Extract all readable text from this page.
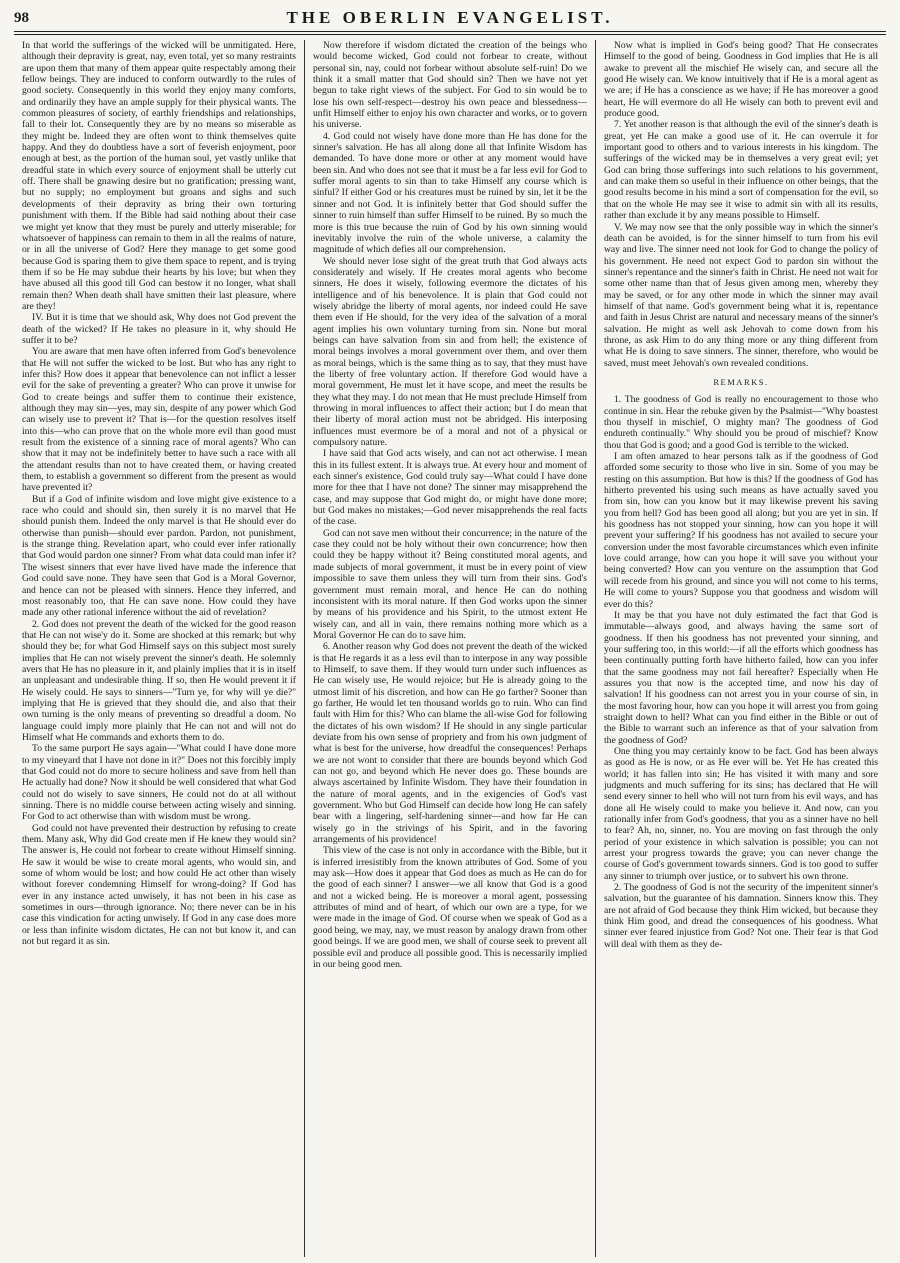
98	THE OBERLIN EVANGELIST.

In that world the sufferings of the wicked will be unmitigated. Here, although their depravity is great, nay, even total, yet so many restraints are upon them that many of them appear quite respectably among their fellow beings. They are induced to conform outwardly to the rules of good society. Consequently in this world they enjoy many comforts, and ordinarily they have an ample supply for their physical wants. The common pleasures of society, of earthly friendships and relationships, fall to their lot. Consequently they are by no means so miserable as they might be. Indeed they are often wont to think themselves quite happy. And they do doubtless have a sort of feverish enjoyment, poor enough at best, as the portion of the human soul, yet vastly unlike that dreadful state in which every source of enjoyment shall be utterly cut off. There shall be gnawing desire but no gratification; pressing want, but no supply; no employment but groans and sighs and such developments of their depravity as bring their own torturing punishment with them. If the Bible had said nothing about their case we might yet know that they must be purely and utterly miserable; for whatsoever of happiness can remain to them in all the realms of nature, or in all the universe of God? Here they manage to get some good because God is sparing them to give them space to repent, and is trying them if so be He may subdue their hearts by his love; but when they have abused all this good till God can bestow it no longer, what shall remain then? When death shall have smitten their last pleasure, where are they!

IV. But it is time that we should ask, Why does not God prevent the death of the wicked? If He takes no pleasure in it, why should He suffer it to be?

You are aware that men have often inferred from God's benevolence that He will not suffer the wicked to be lost. But who has any right to infer this? How does it appear that benevolence can not inflict a lesser evil for the sake of preventing a greater? Who can prove it unwise for God to create beings and suffer them to continue their existence, although they may sin—yes, may sin, despite of any power which God can wisely use to prevent it? That is—for the question resolves itself into this—who can prove that on the whole more evil than good must result from the existence of a sinning race of moral agents? Who can show that it may not be indefinitely better to have such a race with all the attendant results than not to have created them, or having created them, to establish a government so different from the present as would have prevented it?

But if a God of infinite wisdom and love might give existence to a race who could and should sin, then surely it is no marvel that He should punish them. Indeed the only marvel is that He should ever do otherwise than punish—should ever pardon. Pardon, not punishment, is the strange thing. Revelation apart, who could ever infer rationally that God would pardon one sinner? From what data could man infer it? The wisest sinners that ever have lived have made the inference that God could save none. They have seen that God is a Moral Governor, and hence can not be pleased with sinners. Hence they inferred, and most reasonably too, that He can save none. How could they have made any other rational inference without the aid of revelation?

2. God does not prevent the death of the wicked for the good reason that He can not wise'y do it. Some are shocked at this remark; but why should they be; for what God Himself says on this subject most surely implies that He can not wisely prevent the sinner's death. He solemnly avers that He has no pleasure in it, and plainly implies that it is in itself an unpleasant and undesirable thing. If so, then He would prevent it if He wisely could. He says to sinners—"Turn ye, for why will ye die?" implying that He is grieved that they should die, and also that their own turning is the only means of preventing so dreadful a doom. No language could imply more plainly that He can not and will not do Himself what He commands and exhorts them to do.

To the same purport He says again—"What could I have done more to my vineyard that I have not done in it?" Does not this forcibly imply that God could not do more to secure holiness and save from hell than He actually had done? Now it should be well considered that what God could not do wisely to save sinners, He could not do at all without sinning. There is no middle course between acting wisely and sinning. For God to act otherwise than with wisdom must be wrong.

God could not have prevented their destruction by refusing to create them. Many ask, Why did God create men if He knew they would sin? The answer is, He could not forbear to create without Himself sinning. He saw it would be wise to create moral agents, who would sin, and some of whom would be lost; and how could He act other than wisely without forever condemning Himself for wrong-doing? If God has ever in any instance acted unwisely, it has not been in his case as sometimes in ours—through ignorance. No; there never can be in his case this vindication for acting unwisely. If God in any case does more or less than infinite wisdom dictates, He can not but know it, and can not but regard it as sin.

Now therefore if wisdom dictated the creation of the beings who would become wicked, God could not forbear to create, without personal sin, nay, could not forbear without absolute self-ruin! Do we think it a small matter that God should sin? Then we have not yet begun to take right views of the subject. For God to sin would be to lose his own self-respect—destroy his own peace and blessedness—unfit Himself either to enjoy his own character and works, or to govern his universe.

4. God could not wisely have done more than He has done for the sinner's salvation. He has all along done all that Infinite Wisdom has demanded. To have done more or other at any moment would have been sin. And who does not see that it must be a far less evil for God to suffer moral agents to sin than to take Himself any course which is sinful? If either God or his creatures must be ruined by sin, let it be the sinner and not God. It is infinitely better that God should suffer the sinner to ruin himself than suffer Himself to be ruined. By so much the more is this true because the ruin of God by his own sinning would inevitably involve the ruin of the whole universe, a calamity the magnitude of which defies all our comprehension.

We should never lose sight of the great truth that God always acts considerately and wisely. If He creates moral agents who become sinners, He does it wisely, following evermore the dictates of his intelligence and of his benevolence. It is plain that God could not wisely abridge the liberty of moral agents, nor indeed could He save them even if He should, for the very idea of the salvation of a moral agent implies his own voluntary turning from sin. None but moral beings can have salvation from sin and from hell; the existence of moral beings involves a moral government over them, and over them as moral beings, which is the same thing as to say, that they must have the liberty of free voluntary action. If therefore God would have a moral government, He must let it have scope, and meet the results be they what they may. I do not mean that He must preclude Himself from throwing in moral influences to affect their action; but I do mean that their liberty of moral action must not be abridged. His interposing influences must evermore be of a moral and not of a physical or compulsory nature.

I have said that God acts wisely, and can not act otherwise. I mean this in its fullest extent. It is always true. At every hour and moment of each sinner's existence, God could truly say—What could I have done more for thee that I have not done? The sinner may misapprehend the case, and may suppose that God might do, or might have done more; but God makes no mistakes;—God never misapprehends the real facts of the case.

God can not save men without their concurrence; in the nature of the case they could not be holy without their own concurrence; how then could they be happy without it? Being constituted moral agents, and made subjects of moral government, it must be in every point of view impossible to save them unless they will turn from their sins. God's government must remain moral, and hence He can do nothing inconsistent with its moral nature. If then God works upon the sinner by means of his providence and his Spirit, to the utmost extent He wisely can, and all in vain, there remains nothing more which as a Moral Governor He can do to save him.

6. Another reason why God does not prevent the death of the wicked is that He regards it as a less evil than to interpose in any way possible to Himself, to save them. If they would turn under such influences as He can wisely use, He would rejoice; but He is already going to the utmost limit of his discretion, and how can He go farther? Sooner than go farther, He would let ten thousand worlds go to ruin. Who can find fault with Him for this? Who can blame the all-wise God for following the dictates of his own wisdom? If He should in any single particular deviate from his own sense of propriety and from his own judgment of what is best for the universe, how dreadful the consequences! Perhaps we are not wont to consider that there are bounds beyond which God can not go, and beyond which He never does go. These bounds are always ascertained by Infinite Wisdom. They have their foundation in the nature of moral agents, and in the exigencies of God's vast government. Who but God Himself can decide how long He can safely bear with a lingering, self-hardening sinner—and how far He can wisely go in the strivings of his Spirit, and in the favoring arrangements of his providence!

This view of the case is not only in accordance with the Bible, but it is inferred irresistibly from the known attributes of God. Some of you may ask—How does it appear that God does as much as He can do for the good of each sinner? I answer—we all know that God is a good and not a wicked being. He is moreover a moral agent, possessing attributes of mind and of heart, of which our own are a type, for we were made in the image of God. Of course when we speak of God as a good being, we may, nay, we must reason by analogy drawn from other good beings. If we are good men, we shall of course seek to prevent all possible evil and produce all possible good. This is necessarily implied in our being good men.

Now what is implied in God's being good? That He consecrates Himself to the good of being. Goodness in God implies that He is all awake to prevent all the mischief He wisely can, and secure all the good He wisely can. We know intuitively that if He is a moral agent as we are; if He has a conscience as we have; if He has moreover a good heart, He will evermore do all He wisely can both to prevent evil and produce good.

7. Yet another reason is that although the evil of the sinner's death is great, yet He can make a good use of it. He can overrule it for important good to others and to various interests in his kingdom. The sufferings of the wicked may be in themselves a very great evil; yet God can bring those sufferings into such relations to his government, and can make them so useful in their influence on other beings, that the good results become in his mind a sort of compensation for the evil, so that on the whole He may see it wise to admit sin with all its results, rather than exclude it by any means possible to Himself.

V. We may now see that the only possible way in which the sinner's death can be avoided, is for the sinner himself to turn from his evil way and live. The sinner need not look for God to change the policy of his government. He need not expect God to pardon sin without the sinner's repentance and the sinner's faith in Christ. He need not wait for some other name than that of Jesus given among men, whereby they may be saved, or for any other mode in which the sinner may avail himself of that name. God's government being what it is, repentance and faith in Jesus Christ are natural and necessary means of the sinner's salvation. He might as well ask Jehovah to come down from his throne, as ask Him to do any thing more or any thing different from what He is doing to save sinners. The sinner, therefore, who would be saved, must meet Jehovah's own revealed conditions.

REMARKS.

1. The goodness of God is really no encouragement to those who continue in sin. Hear the rebuke given by the Psalmist—"Why boastest thou thyself in mischief, O mighty man? The goodness of God endureth continually." Why should you be proud of mischief? Know thou that God is good; and a good God is terrible to the wicked.

I am often amazed to hear persons talk as if the goodness of God afforded some security to those who live in sin. Some of you may be resting on this assumption. But how is this? If the goodness of God has hitherto prevented his using such means as have actually saved you from sin, how can you know but it may likewise prevent his saving you from hell? God has been good all along; but you are yet in sin. If his goodness has not stopped your sinning, how can you hope it will prevent your suffering? If his goodness has not availed to secure your conversion under the most favorable circumstances which even infinite love could arrange, how can you hope it will save you without your being converted? How can you venture on the assumption that God will recede from his ground, and since you will not come to his terms, He will come to yours? Suppose you that goodness and wisdom will ever do this?

It may be that you have not duly estimated the fact that God is immutable—always good, and always having the same sort of goodness. If then his goodness has not prevented your sinning, and your suffering too, in this world:—if all the efforts which goodness has been continually putting forth have hitherto failed, how can you infer that the same goodness may not fail hereafter? Especially when He assures you that now is the accepted time, and now his day of salvation! If his goodness can not arrest you in your course of sin, in the most favoring hour, how can you hope it will arrest you from going straight down to hell? What can you find either in the Bible or out of the Bible to warrant such an inference as that of your salvation from the goodness of God?

One thing you may certainly know to be fact. God has been always as good as He is now, or as He ever will be. Yet He has created this world; it has fallen into sin; He has visited it with many and sore judgments and much suffering for its sins; has declared that He will send every sinner to hell who will not turn from his evil ways, and has done all He wisely could to make you believe it. And now, can you rationally infer from God's goodness, that you as a sinner have no hell to fear? Ah, no, sinner, no. You are moving on fast through the only period of your existence in which salvation is possible; you can not arrest your progress towards the grave; you can never change the course of God's government towards sinners. God is too good to suffer any sinner to triumph over justice, or to subvert his own throne.

2. The goodness of God is not the security of the impenitent sinner's salvation, but the guarantee of his damnation. Sinners know this. They are not afraid of God because they think Him wicked, but because they think Him good, and dread the consequences of his goodness. What sinner ever feared injustice from God? Not one. Their fear is that God will deal with them as they de-
